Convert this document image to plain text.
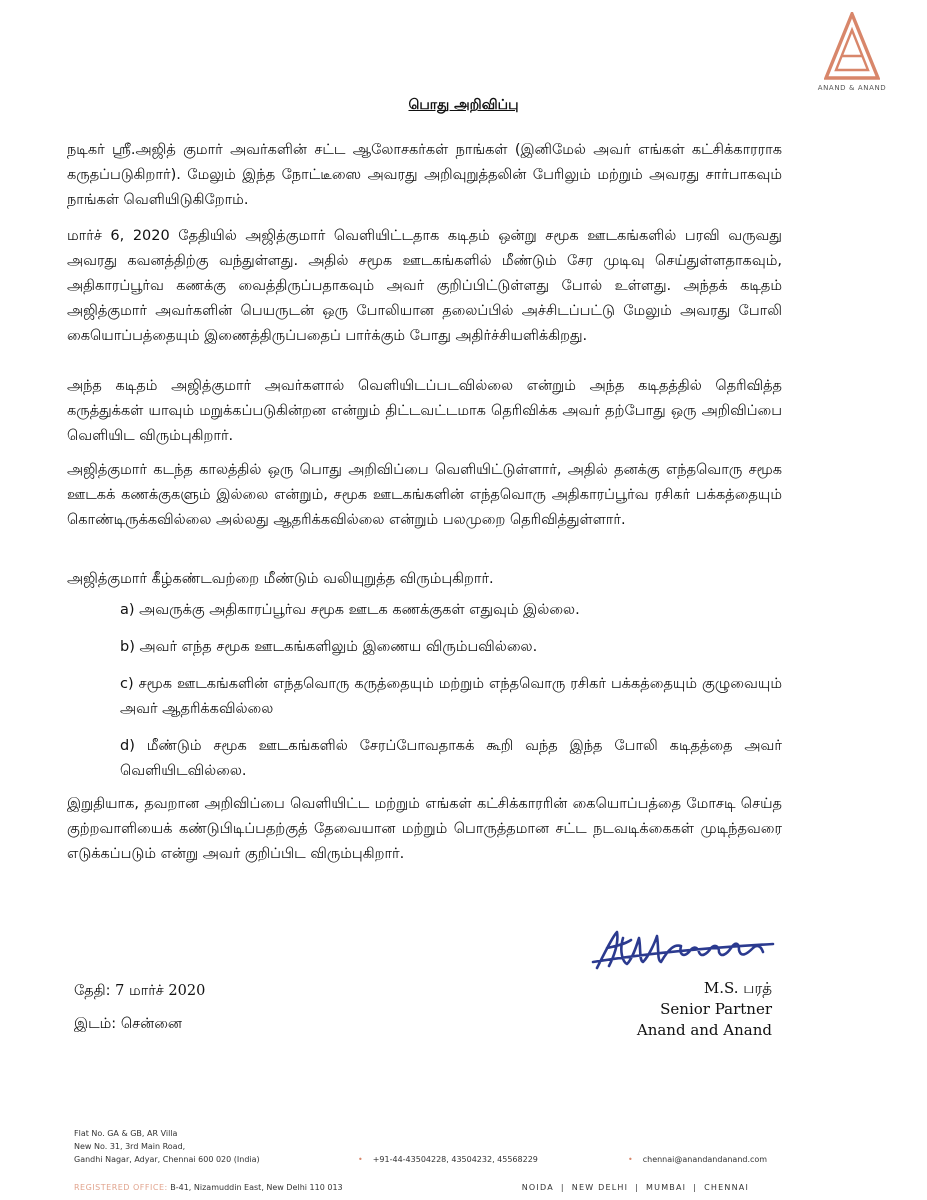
ANAND & ANAND
பொது அறிவிப்பு
நடிகர் ஸ்ரீ.அஜித் குமார் அவர்களின் சட்ட ஆலோசகர்கள் நாங்கள் (இனிமேல் அவர் எங்கள் கட்சிக்காரராக கருதப்படுகிறார்). மேலும் இந்த நோட்டீஸை அவரது அறிவுறுத்தலின் பேரிலும் மற்றும் அவரது சார்பாகவும் நாங்கள் வெளியிடுகிறோம்.
மார்ச் 6, 2020 தேதியில் அஜித்குமார் வெளியிட்டதாக கடிதம் ஒன்று சமூக ஊடகங்களில் பரவி வருவது அவரது கவனத்திற்கு வந்துள்ளது. அதில் சமூக ஊடகங்களில் மீண்டும் சேர முடிவு செய்துள்ளதாகவும், அதிகாரப்பூர்வ கணக்கு வைத்திருப்பதாகவும் அவர் குறிப்பிட்டுள்ளது போல் உள்ளது. அந்தக் கடிதம் அஜித்குமார் அவர்களின் பெயருடன் ஒரு போலியான தலைப்பில் அச்சிடப்பட்டு மேலும் அவரது போலி கையொப்பத்தையும் இணைத்திருப்பதைப் பார்க்கும் போது அதிர்ச்சியளிக்கிறது.
அந்த கடிதம் அஜித்குமார் அவர்களால் வெளியிடப்படவில்லை என்றும் அந்த கடிதத்தில் தெரிவித்த கருத்துக்கள் யாவும் மறுக்கப்படுகின்றன என்றும் திட்டவட்டமாக தெரிவிக்க அவர் தற்போது ஒரு அறிவிப்பை வெளியிட விரும்புகிறார்.
அஜித்குமார் கடந்த காலத்தில் ஒரு பொது அறிவிப்பை வெளியிட்டுள்ளார், அதில் தனக்கு எந்தவொரு சமூக ஊடகக் கணக்குகளும் இல்லை என்றும், சமூக ஊடகங்களின் எந்தவொரு அதிகாரப்பூர்வ ரசிகர் பக்கத்தையும் கொண்டிருக்கவில்லை அல்லது ஆதரிக்கவில்லை என்றும் பலமுறை தெரிவித்துள்ளார்.
அஜித்குமார் கீழ்கண்டவற்றை மீண்டும் வலியுறுத்த விரும்புகிறார்.
a) அவருக்கு அதிகாரப்பூர்வ சமூக ஊடக கணக்குகள் எதுவும் இல்லை.
b) அவர் எந்த சமூக ஊடகங்களிலும் இணைய விரும்பவில்லை.
c) சமூக ஊடகங்களின் எந்தவொரு கருத்தையும் மற்றும் எந்தவொரு ரசிகர் பக்கத்தையும் குழுவையும் அவர் ஆதரிக்கவில்லை
d) மீண்டும் சமூக ஊடகங்களில் சேரப்போவதாகக் கூறி வந்த இந்த போலி கடிதத்தை அவர் வெளியிடவில்லை.
இறுதியாக, தவறான அறிவிப்பை வெளியிட்ட மற்றும் எங்கள் கட்சிக்காரரின் கையொப்பத்தை மோசடி செய்த குற்றவாளியைக் கண்டுபிடிப்பதற்குத் தேவையான மற்றும் பொருத்தமான சட்ட நடவடிக்கைகள் முடிந்தவரை எடுக்கப்படும் என்று அவர் குறிப்பிட விரும்புகிறார்.
தேதி: 7 மார்ச் 2020
இடம்: சென்னை
M.S. பரத்
Senior Partner
Anand and Anand
Flat No. GA & GB, AR Villa
New No. 31, 3rd Main Road,
Gandhi Nagar, Adyar, Chennai 600 020 (India)	• +91-44-43504228, 43504232, 45568229	• chennai@anandandanand.com
REGISTERED OFFICE: B-41, Nizamuddin East, New Delhi 110 013	NOIDA | NEW DELHI | MUMBAI | CHENNAI
